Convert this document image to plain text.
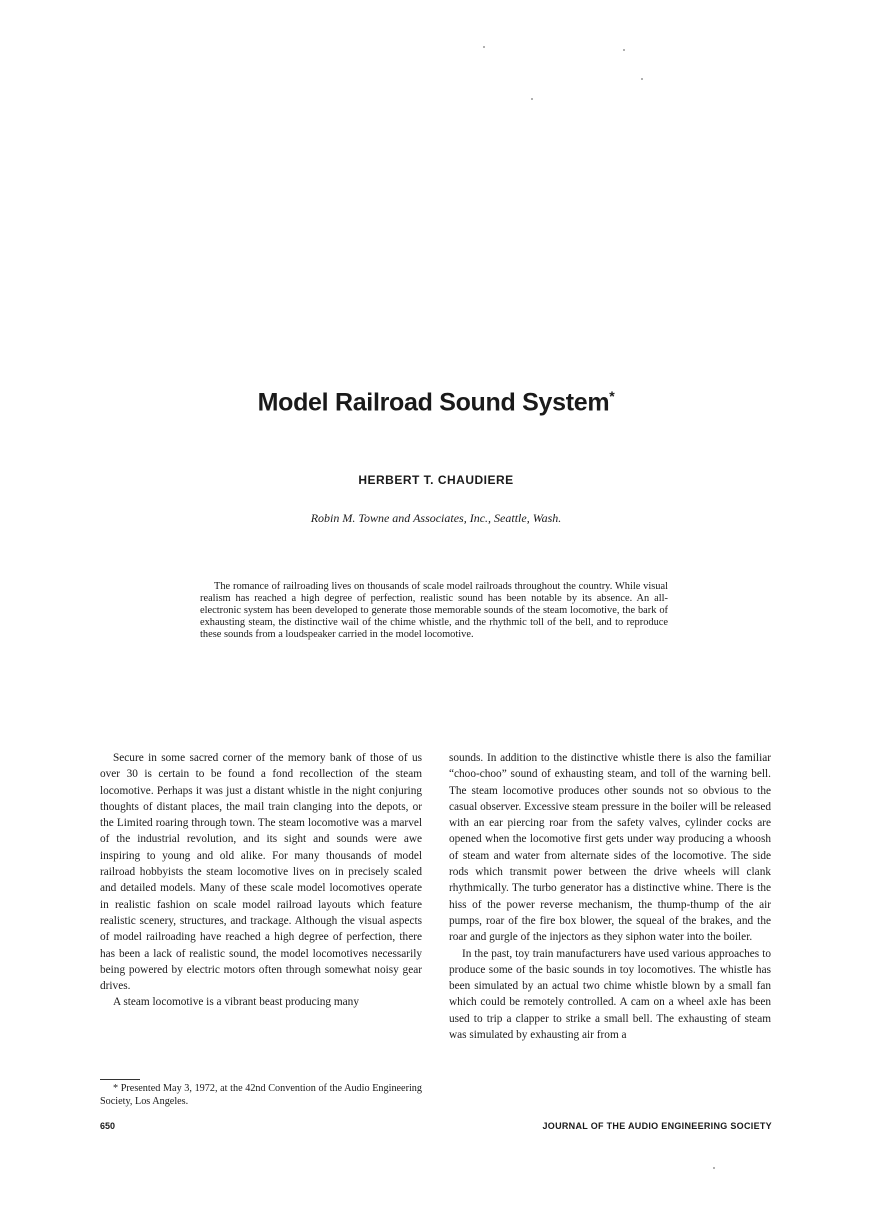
Model Railroad Sound System*
HERBERT T. CHAUDIERE
Robin M. Towne and Associates, Inc., Seattle, Wash.

The romance of railroading lives on thousands of scale model railroads throughout the country. While visual realism has reached a high degree of perfection, realistic sound has been notable by its absence. An all-electronic system has been developed to generate those memorable sounds of the steam locomotive, the bark of exhausting steam, the distinctive wail of the chime whistle, and the rhythmic toll of the bell, and to reproduce these sounds from a loudspeaker carried in the model locomotive.

Secure in some sacred corner of the memory bank of those of us over 30 is certain to be found a fond recollection of the steam locomotive. Perhaps it was just a distant whistle in the night conjuring thoughts of distant places, the mail train clanging into the depots, or the Limited roaring through town. The steam locomotive was a marvel of the industrial revolution, and its sight and sounds were awe inspiring to young and old alike. For many thousands of model railroad hobbyists the steam locomotive lives on in precisely scaled and detailed models. Many of these scale model locomotives operate in realistic fashion on scale model railroad layouts which feature realistic scenery, structures, and trackage. Although the visual aspects of model railroading have reached a high degree of perfection, there has been a lack of realistic sound, the model locomotives necessarily being powered by electric motors often through somewhat noisy gear drives.

A steam locomotive is a vibrant beast producing many

sounds. In addition to the distinctive whistle there is also the familiar “choo-choo” sound of exhausting steam, and toll of the warning bell. The steam locomotive produces other sounds not so obvious to the casual observer. Excessive steam pressure in the boiler will be released with an ear piercing roar from the safety valves, cylinder cocks are opened when the locomotive first gets under way producing a whoosh of steam and water from alternate sides of the locomotive. The side rods which transmit power between the drive wheels will clank rhythmically. The turbo generator has a distinctive whine. There is the hiss of the power reverse mechanism, the thump-thump of the air pumps, roar of the fire box blower, the squeal of the brakes, and the roar and gurgle of the injectors as they siphon water into the boiler.

In the past, toy train manufacturers have used various approaches to produce some of the basic sounds in toy locomotives. The whistle has been simulated by an actual two chime whistle blown by a small fan which could be remotely controlled. A cam on a wheel axle has been used to trip a clapper to strike a small bell. The exhausting of steam was simulated by exhausting air from a

* Presented May 3, 1972, at the 42nd Convention of the Audio Engineering Society, Los Angeles.

650	JOURNAL OF THE AUDIO ENGINEERING SOCIETY
